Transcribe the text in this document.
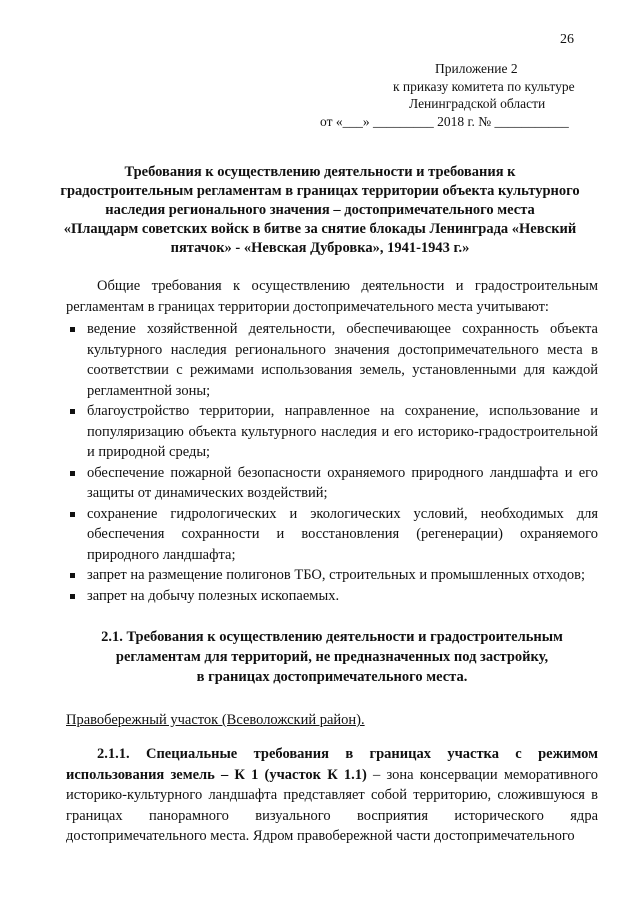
26
Приложение 2
к приказу комитета по культуре
Ленинградской области
от «___» _________ 2018 г. № ___________
Требования к осуществлению деятельности и требования к
градостроительным регламентам в границах территории объекта культурного
наследия регионального значения – достопримечательного места
«Плацдарм советских войск в битве за снятие блокады Ленинграда «Невский
пятачок» - «Невская Дубровка», 1941-1943 г.»

Общие требования к осуществлению деятельности и градостроительным регламентам в границах территории достопримечательного места учитывают:

ведение хозяйственной деятельности, обеспечивающее сохранность объекта культурного наследия регионального значения достопримечательного места в соответствии с режимами использования земель, установленными для каждой регламентной зоны;
благоустройство территории, направленное на сохранение, использование и популяризацию объекта культурного наследия и его историко-градостроительной и природной среды;
обеспечение пожарной безопасности охраняемого природного ландшафта и его защиты от динамических воздействий;
сохранение гидрологических и экологических условий, необходимых для обеспечения сохранности и восстановления (регенерации) охраняемого природного ландшафта;
запрет на размещение полигонов ТБО, строительных и промышленных отходов;
запрет на добычу полезных ископаемых.
2.1. Требования к осуществлению деятельности и градостроительным
регламентам для территорий, не предназначенных под застройку,
в границах достопримечательного места.
Правобережный участок (Всеволожский район).

2.1.1. Специальные требования в границах участка с режимом использования земель – К 1 (участок К 1.1) – зона консервации меморативного историко-культурного ландшафта представляет собой территорию, сложившуюся в границах панорамного визуального восприятия исторического ядра достопримечательного места. Ядром правобережной части достопримечательного
